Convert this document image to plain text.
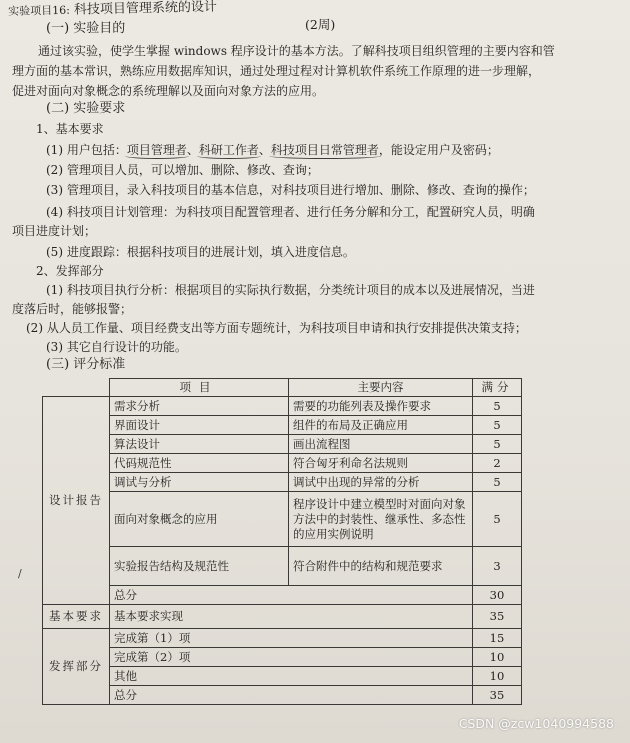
实验项目16: 科技项目管理系统的设计
(2周)
(一) 实验目的
通过该实验，使学生掌握 windows 程序设计的基本方法。了解科技项目组织管理的主要内容和管
理方面的基本常识，熟练应用数据库知识，通过处理过程对计算机软件系统工作原理的进一步理解，
促进对面向对象概念的系统理解以及面向对象方法的应用。
(二) 实验要求
1、基本要求
(1) 用户包括：项目管理者、科研工作者、科技项目日常管理者，能设定用户及密码；
(2) 管理项目人员，可以增加、删除、修改、查询；
(3) 管理项目，录入科技项目的基本信息，对科技项目进行增加、删除、修改、查询的操作；
(4) 科技项目计划管理：为科技项目配置管理者、进行任务分解和分工，配置研究人员，明确
项目进度计划；
(5) 进度跟踪：根据科技项目的进展计划，填入进度信息。
2、发挥部分
(1) 科技项目执行分析：根据项目的实际执行数据，分类统计项目的成本以及进展情况，当进
度落后时，能够报警；
(2) 从人员工作量、项目经费支出等方面专题统计，为科技项目申请和执行安排提供决策支持；
(3) 其它自行设计的功能。
(三) 评分标准
	项目	主要内容	满分
设计报告	需求分析	需要的功能列表及操作要求	5
	界面设计	组件的布局及正确应用	5
	算法设计	画出流程图	5
	代码规范性	符合匈牙利命名法规则	2
	调试与分析	调试中出现的异常的分析	5
	面向对象概念的应用	程序设计中建立模型时对面向对象方法中的封装性、继承性、多态性的应用实例说明	5
	实验报告结构及规范性	符合附件中的结构和规范要求	3
	总分		30
基本要求	基本要求实现		35
发挥部分	完成第（1）项		15
	完成第（2）项		10
	其他		10
	总分		35
/
CSDN @zcw1040994588
